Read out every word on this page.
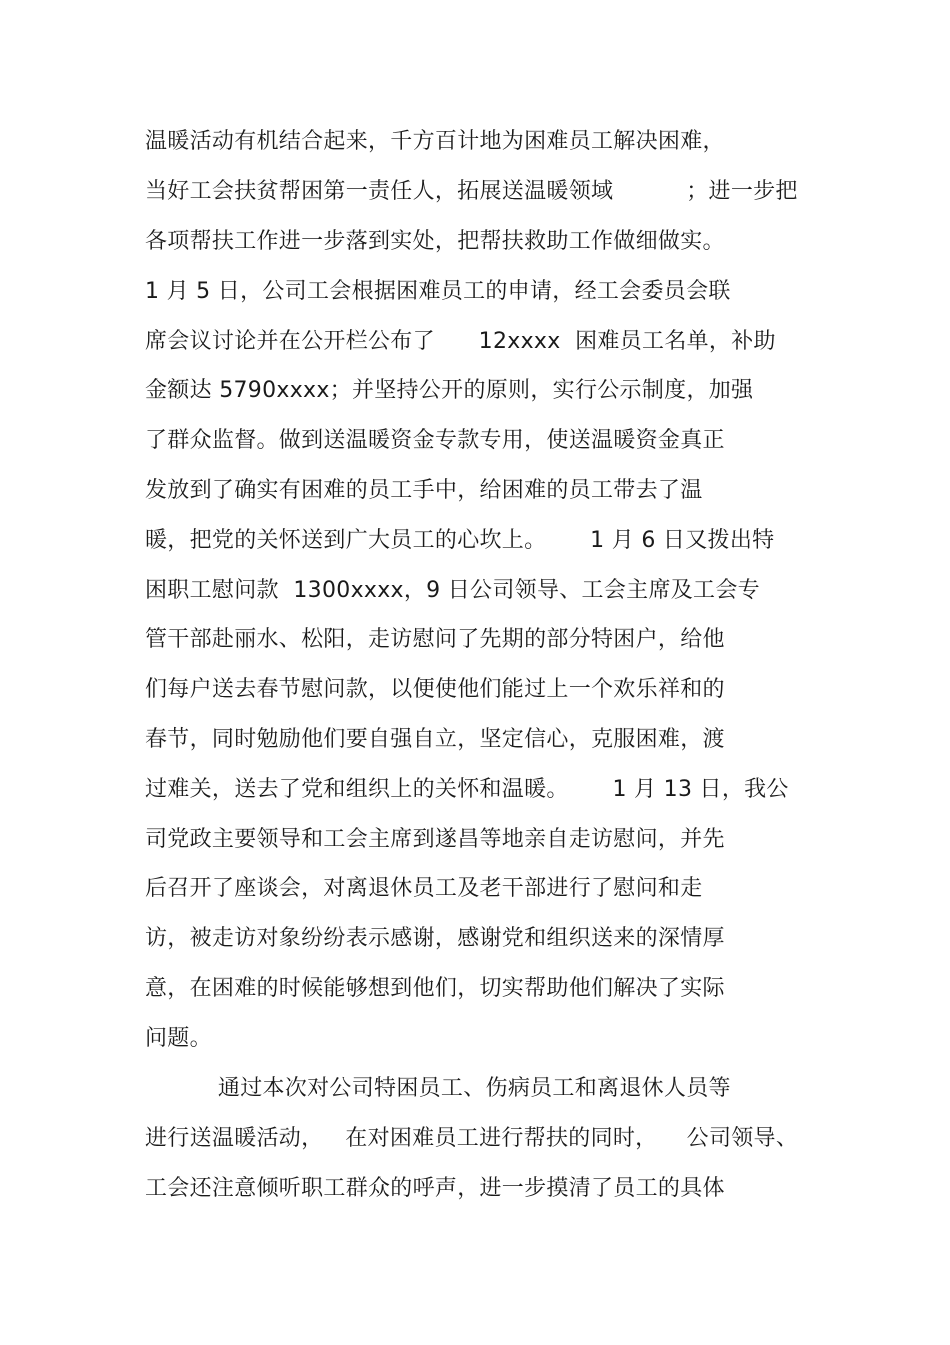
温暖活动有机结合起来，千方百计地为困难员工解决困难，

当好工会扶贫帮困第一责任人，拓展送温暖领域          ；进一步把

各项帮扶工作进一步落到实处，把帮扶救助工作做细做实。

1 月 5 日，公司工会根据困难员工的申请，经工会委员会联

席会议讨论并在公开栏公布了      12xxxx  困难员工名单，补助

金额达 5790xxxx；并坚持公开的原则，实行公示制度，加强

了群众监督。做到送温暖资金专款专用，使送温暖资金真正

发放到了确实有困难的员工手中，给困难的员工带去了温

暖，把党的关怀送到广大员工的心坎上。      1 月 6 日又拨出特

困职工慰问款  1300xxxx，9 日公司领导、工会主席及工会专

管干部赴丽水、松阳，走访慰问了先期的部分特困户，给他

们每户送去春节慰问款，以便使他们能过上一个欢乐祥和的

春节，同时勉励他们要自强自立，坚定信心，克服困难，渡

过难关，送去了党和组织上的关怀和温暖。      1 月 13 日，我公

司党政主要领导和工会主席到遂昌等地亲自走访慰问，并先

后召开了座谈会，对离退休员工及老干部进行了慰问和走

访，被走访对象纷纷表示感谢，感谢党和组织送来的深情厚

意，在困难的时候能够想到他们，切实帮助他们解决了实际

问题。

通过本次对公司特困员工、伤病员工和离退休人员等

进行送温暖活动，   在对困难员工进行帮扶的同时，    公司领导、

工会还注意倾听职工群众的呼声，进一步摸清了员工的具体
